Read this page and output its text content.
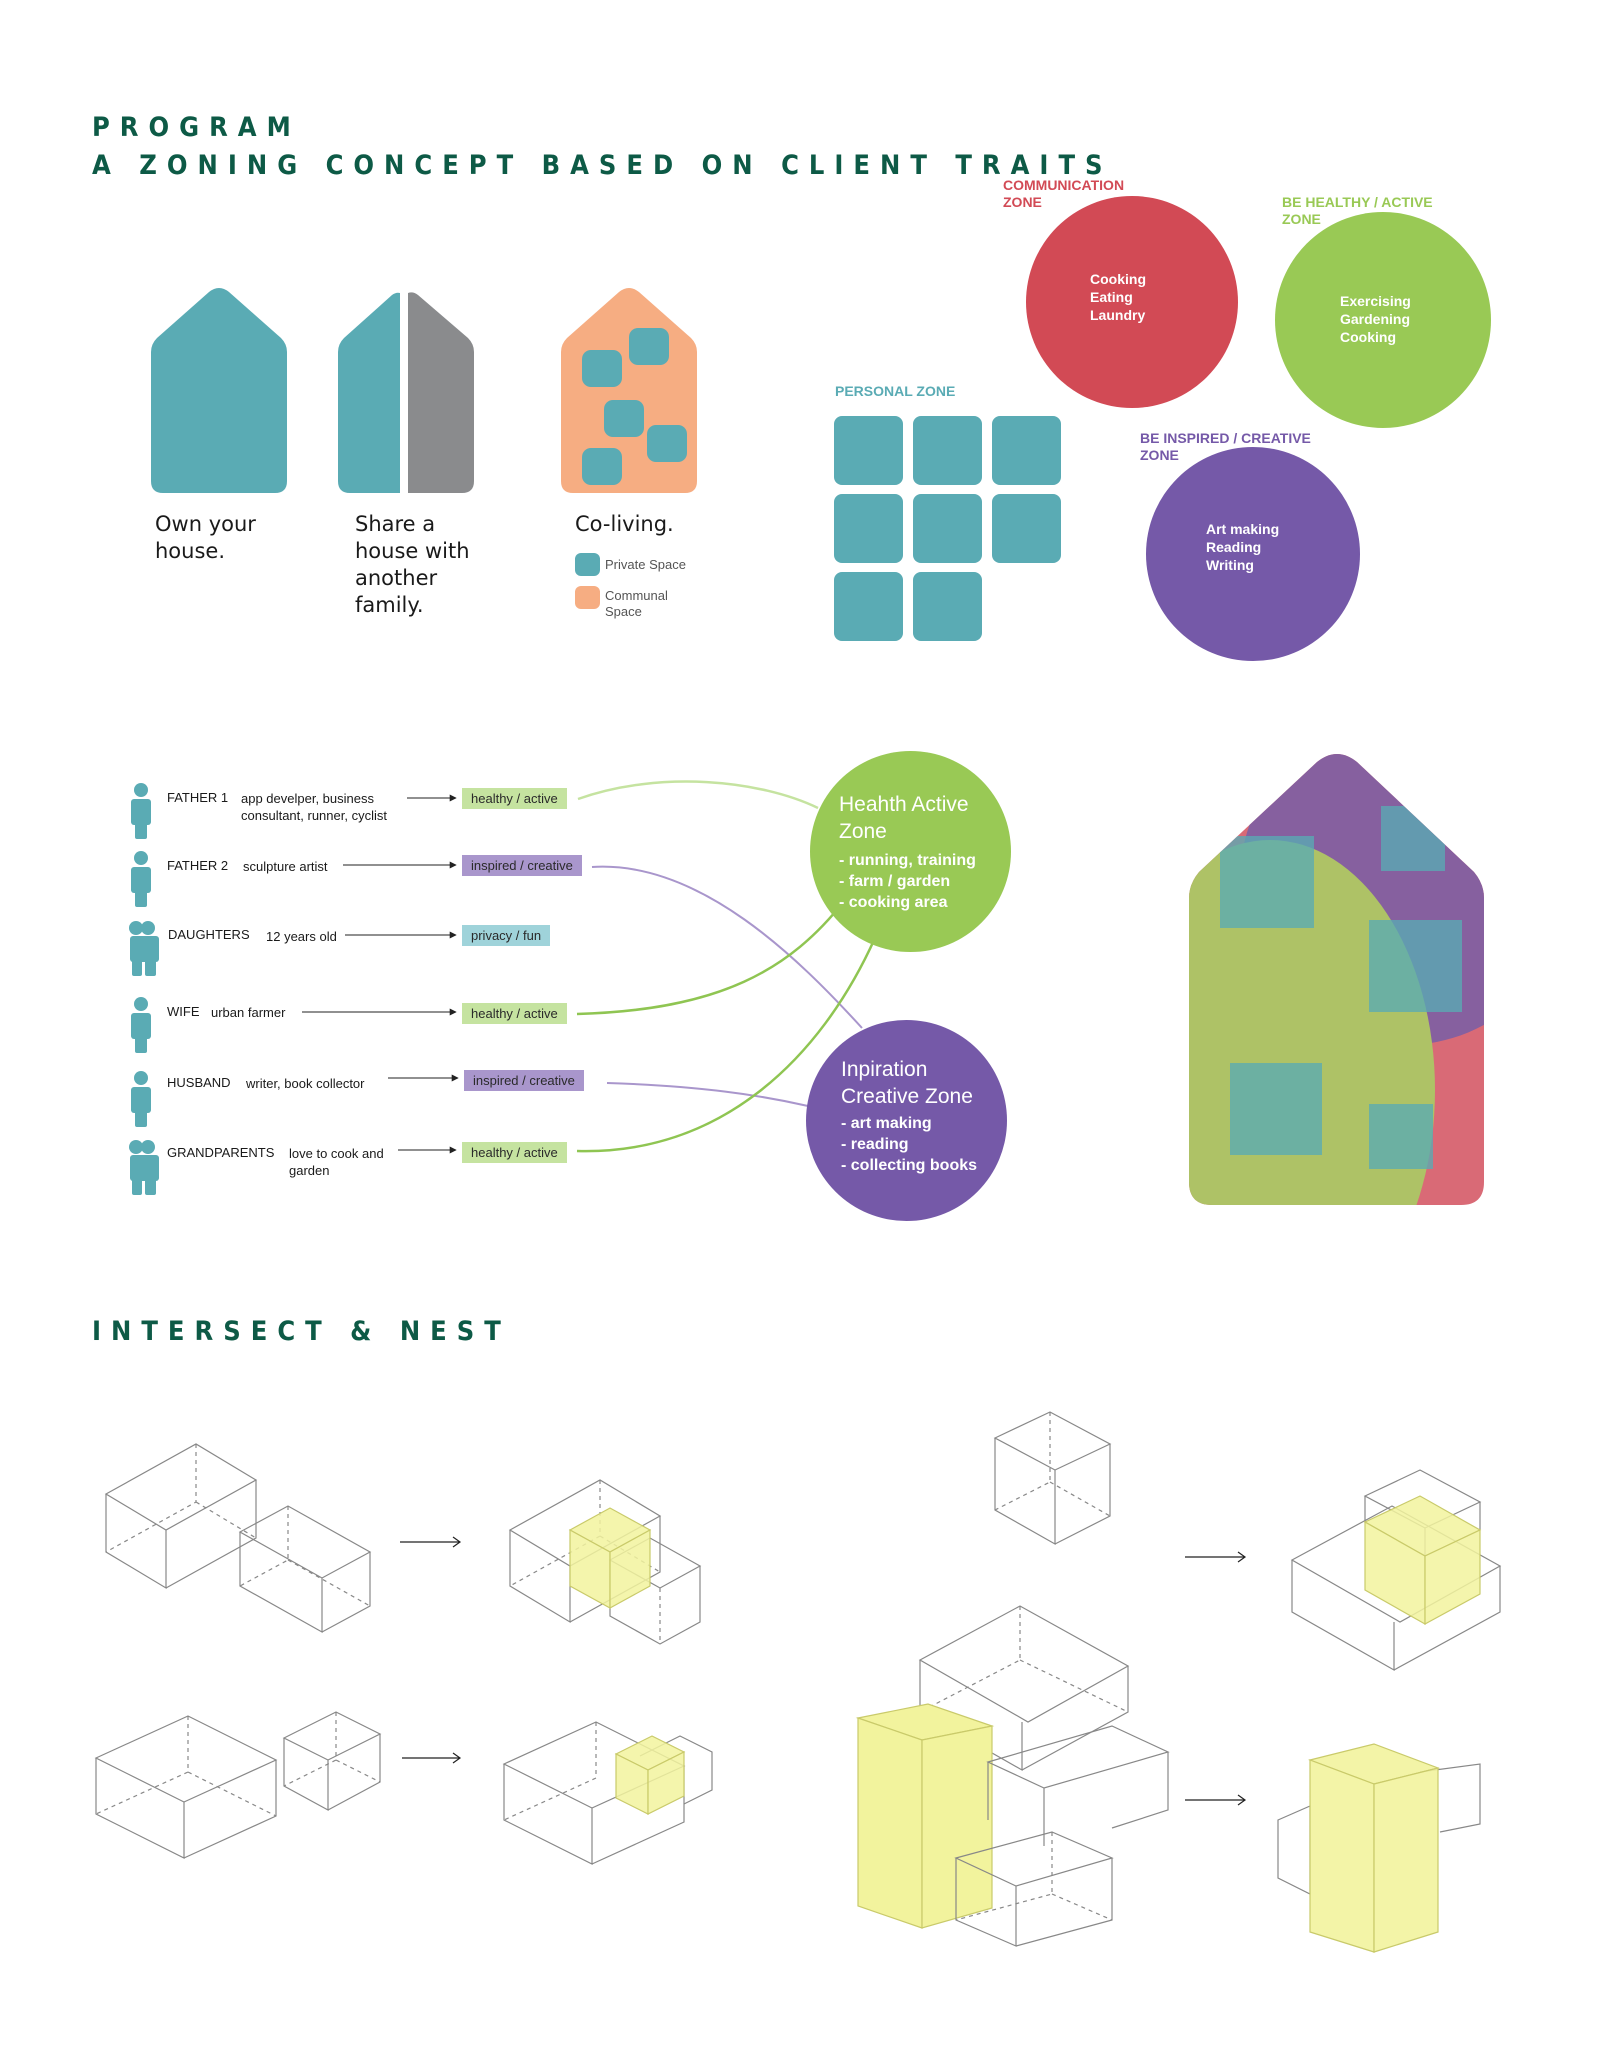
PROGRAM
A ZONING CONCEPT BASED ON CLIENT TRAITS
INTERSECT & NEST
Own your
house.
Share a
house with
another
family.
Co-living.
Private Space
Communal
Space
PERSONAL ZONE
COMMUNICATION
ZONE
Cooking
Eating
Laundry
BE HEALTHY / ACTIVE
ZONE
Exercising
Gardening
Cooking
BE INSPIRED / CREATIVE
ZONE
Art making
Reading
Writing
FATHER 1 app develper, business
consultant, runner, cyclist
FATHER 2 sculpture artist
DAUGHTERS 12 years old
WIFE urban farmer
HUSBAND writer, book collector
GRANDPARENTS love to cook and
garden
healthy / active
inspired / creative
privacy / fun
healthy / active
inspired / creative
healthy / active
Heahth Active
Zone
- running, training
- farm / garden
- cooking area
Inpiration
Creative Zone
- art making
- reading
- collecting books
